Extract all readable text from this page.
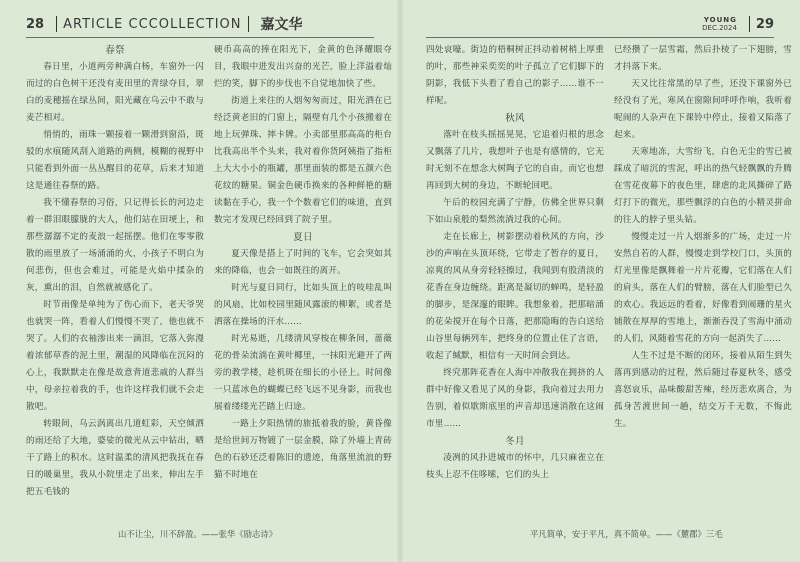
28 ARTICLE CCCOLLECTION 嘉文华
春祭

春日里，小道两旁种满白杨，车窗外一闪而过的白色树干还没有麦田里的青绿夺目，翠白的麦穗摇在绿丛间，阳光藏在乌云中不敢与麦芒相对。

悄悄的，雨珠一颗接着一颗滑到窗沿，斑驳的水痕随风刮入道路的两侧，模糊的视野中只能看到外面一丛丛醒目的花草，后来才知道这是通往春祭的路。

我不懂春祭的习俗，只记得长长的河边走着一群泪眼朦胧的大人，他们站在田埂上，和那些潺潺不定的麦浪一起摇摆。他们在零零散散的雨里放了一场涌涌的火，小孩子不明白为何悲伤，但也会难过，可能是火焰中揉杂的灰，熏出的泪，自然就被感化了。

时节雨像是单纯为了伤心而下，老天爷哭也就哭一阵，看着人们慢慢不哭了，他也就不哭了。人们的衣袖渗出来一滴泪，它落入弥漫着浓郁草香的泥土里，潮湿的风降临在沉闷的心上，我默默走在像是故意背道悲戚的人群当中，母亲拉着我的手，也许这样我们就不会走散吧。

转眼间，乌云涡离出几道虹彩，天空倾洒的雨还给了大地，婆娑的微光从云中钻出，晒干了路上的积水。这时温柔的清风把我抚在春日的暖巢里，我从小院里走了出来，伸出左手把五毛钱的

硬币高高的捧在阳光下，金黄的色泽耀眼夺目，我眼中进发出兴奋的光芒，脸上洋溢着灿烂的笑，脚下的步伐也不自觉地加快了些。

街道上来往的人烟匆匆而过，阳光洒在已经泛黄老旧的门窗上，隔壁有几个小孩搬着在地上玩弹珠、摔卡牌。小卖部里那高高的柜台比我高出半个头来，我对着你货阿姨指了指柜上大大小小的瓶罐，那里面装的都是五颜六色花纹的糖果。铜金色硬币换来的各种鲜艳的糖读黏在手心，我一个个数着它们的味道，直到数完才发现已经回到了院子里。

夏日

夏天像是搭上了时间的飞车，它会突如其来的降临，也会一如既往的离开。

时光与夏日同行，比如头顶上的吱哇乱叫的风扇，比如校园里随风露滚的柳絮，或者是洒落在操场的汗水……

时光易逝，几缕清风穿梭在柳条间，蔷薇花的骨朵流淌在黄叶椰里，一抹阳光避开了两旁的教学楼，趁机斑在细长的小径上。时间像一只蓝冰色的蝴蝶已经飞远不见身影，而我也展着缕缕光芒踏上归途。

一路上夕阳热情的旅抵着我的脸，黄昏像是给世间万物镀了一层金膜，除了外墙上青砖色的石砂还泛着陈旧的遗迹，角落里流浪的野猫不时地在

山不让尘，川不辞盈。——张华《励志诗》
YOUNG
DEC.2024 29

四处哀嚎。街边的梧桐树正抖动着树梢上厚重的叶，那些神采奕奕的叶子孤立了它们脚下的阴影，我低下头看了看自己的影子……谁不一样呢。

秋风

落叶在枝头摇摇晃晃，它追着归根的思念又飘落了几片，我想叶子也是有感情的，它无时无刻不在想念大树陶子它的自由，而它也想再回到大树的身边，不断轮回吧。

午后的校园充满了宁静，仿佛全世界只剩下如山泉般的梨然流淌过我的心间。

走在长廊上，树影摆动着秋风的方向，沙沙的声响在头顶环绕，它带走了暂存的夏日，凉爽的风从身旁轻轻擦过，我闻到有股清淡的花香在身边缠绕。距离是凝切的蝉鸣，是轻盈的脚步，是深邃的眼眸。我想象着，把那暗涌的花朵搅开在每个日落，把那隐晦的告白送给山谷里每辆列车，把终身的位置止住了言语，收起了缄默，相信有一天时间会到达。

终究那阵花香在人海中冲散我在拥挤的人群中好像又看见了风的身影，我向着过去用力告别，着似歇斯底里的声音却迅速消散在这闹市里……

冬月

凌冽的风扑进城市的怀中，几只麻雀立在枝头上忍不住哆嗦，它们的头上

已经攒了一层雪霜，然后扑棱了一下翅膀，雪才抖落下来。

天又比往常黑的早了些，还没下课窗外已经没有了光，寒风在窗隙间呼呼作响，我听着呢闹的人杂声在下课铃中停止，接着又陷落了起来。

天寒地冻，大雪纷飞，白色无尘的雪已被踩成了暗沉的雪泥，呼出的热气轻飘飘的升腾在雪花夜幕下的夜色里，肆虐的北风撕碎了路灯打下的微光，那些飘浮的白色的小精灵拼命的往人的脖子里头钻。

慢慢走过一片人烟渐多的广场，走过一片安然自若的人群，慢慢走到学校门口，头顶的灯光里像是飘舞着一片片花瓣，它们落在人们的肩头，落在人们的臂膀，落在人们脸型已久的欢心。我远远的看着，好像看到闹珊的星火铺散在厚厚的雪地上，渐渐吞没了雪海中涌动的人们，风随着雪花的方向一起消失了……

人生不过是不断的闭环，接着从陌生到失落再到感动的过程，然后随过春夏秋冬，感受喜怒哀乐，品味酸甜苦辣，经历悲欢离合，为孤身苦渡世间一趟，结交万千无数，不悔此生。

平凡简单，安于平凡，真不简单。——《麓郡》三毛
